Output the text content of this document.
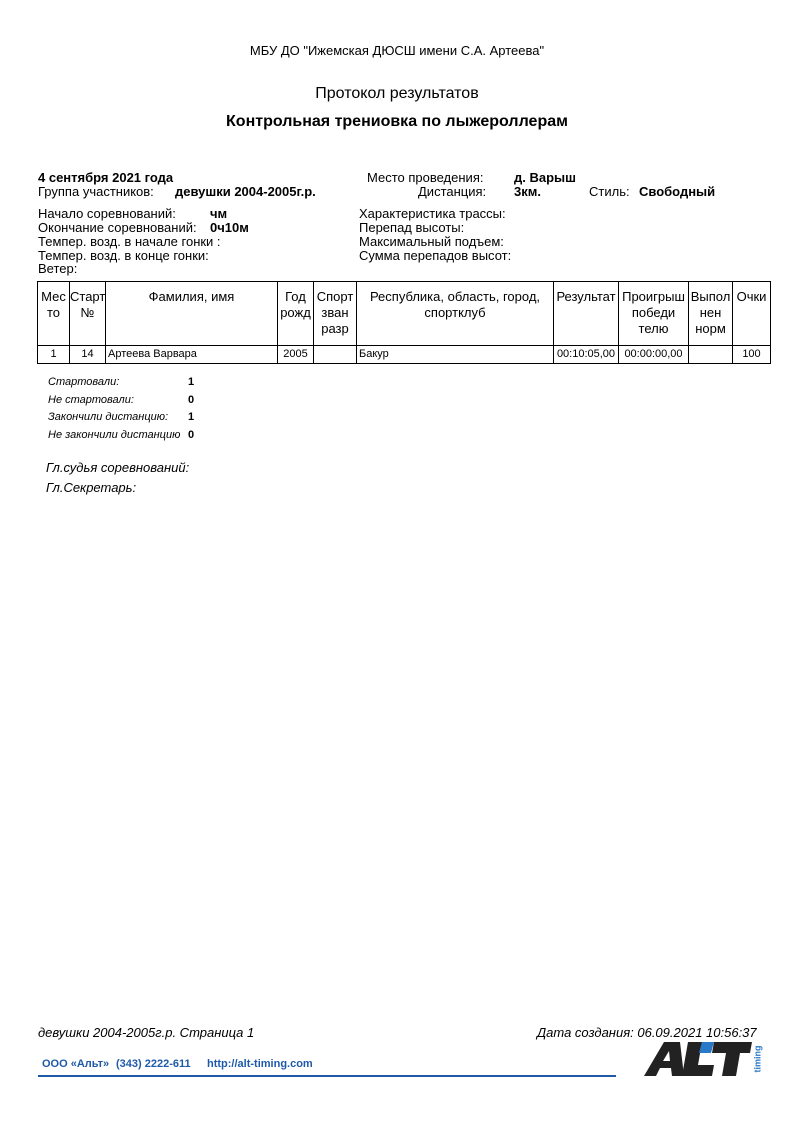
МБУ ДО "Ижемская ДЮСШ имени С.А. Артеева"
Протокол результатов
Контрольная трениовка по лыжероллерам
4 сентября 2021 года
Группа участников: девушки 2004-2005г.р.
Место проведения: д. Варыш
Дистанция: 3км.	Стиль: Свободный
Начало соревнований:	чм
Окончание соревнований: 0ч10м
Темпер. возд. в начале гонки :
Темпер. возд. в конце гонки:
Ветер:
Характеристика трассы:
Перепад высоты:
Максимальный подъем:
Сумма перепадов высот:
Мес то	Старт №	Фамилия, имя	Год рожд	Спорт зван разр	Республика, область, город, спортклуб	Результат	Проигрыш победи телю	Выпол нен норм	Очки
1	14	Артеева Варвара	2005		Бакур	00:10:05,00	00:00:00,00		100
Стартовали:	1
Не стартовали:	0
Закончили дистанцию: 1
Не закончили дистанцию 0
Гл.судья соревнований:
Гл.Секретарь:
девушки 2004-2005г.р. Страница 1	Дата создания: 06.09.2021 10:56:37
ООО «Альт» (343) 2222-611 http://alt-timing.com	timing
